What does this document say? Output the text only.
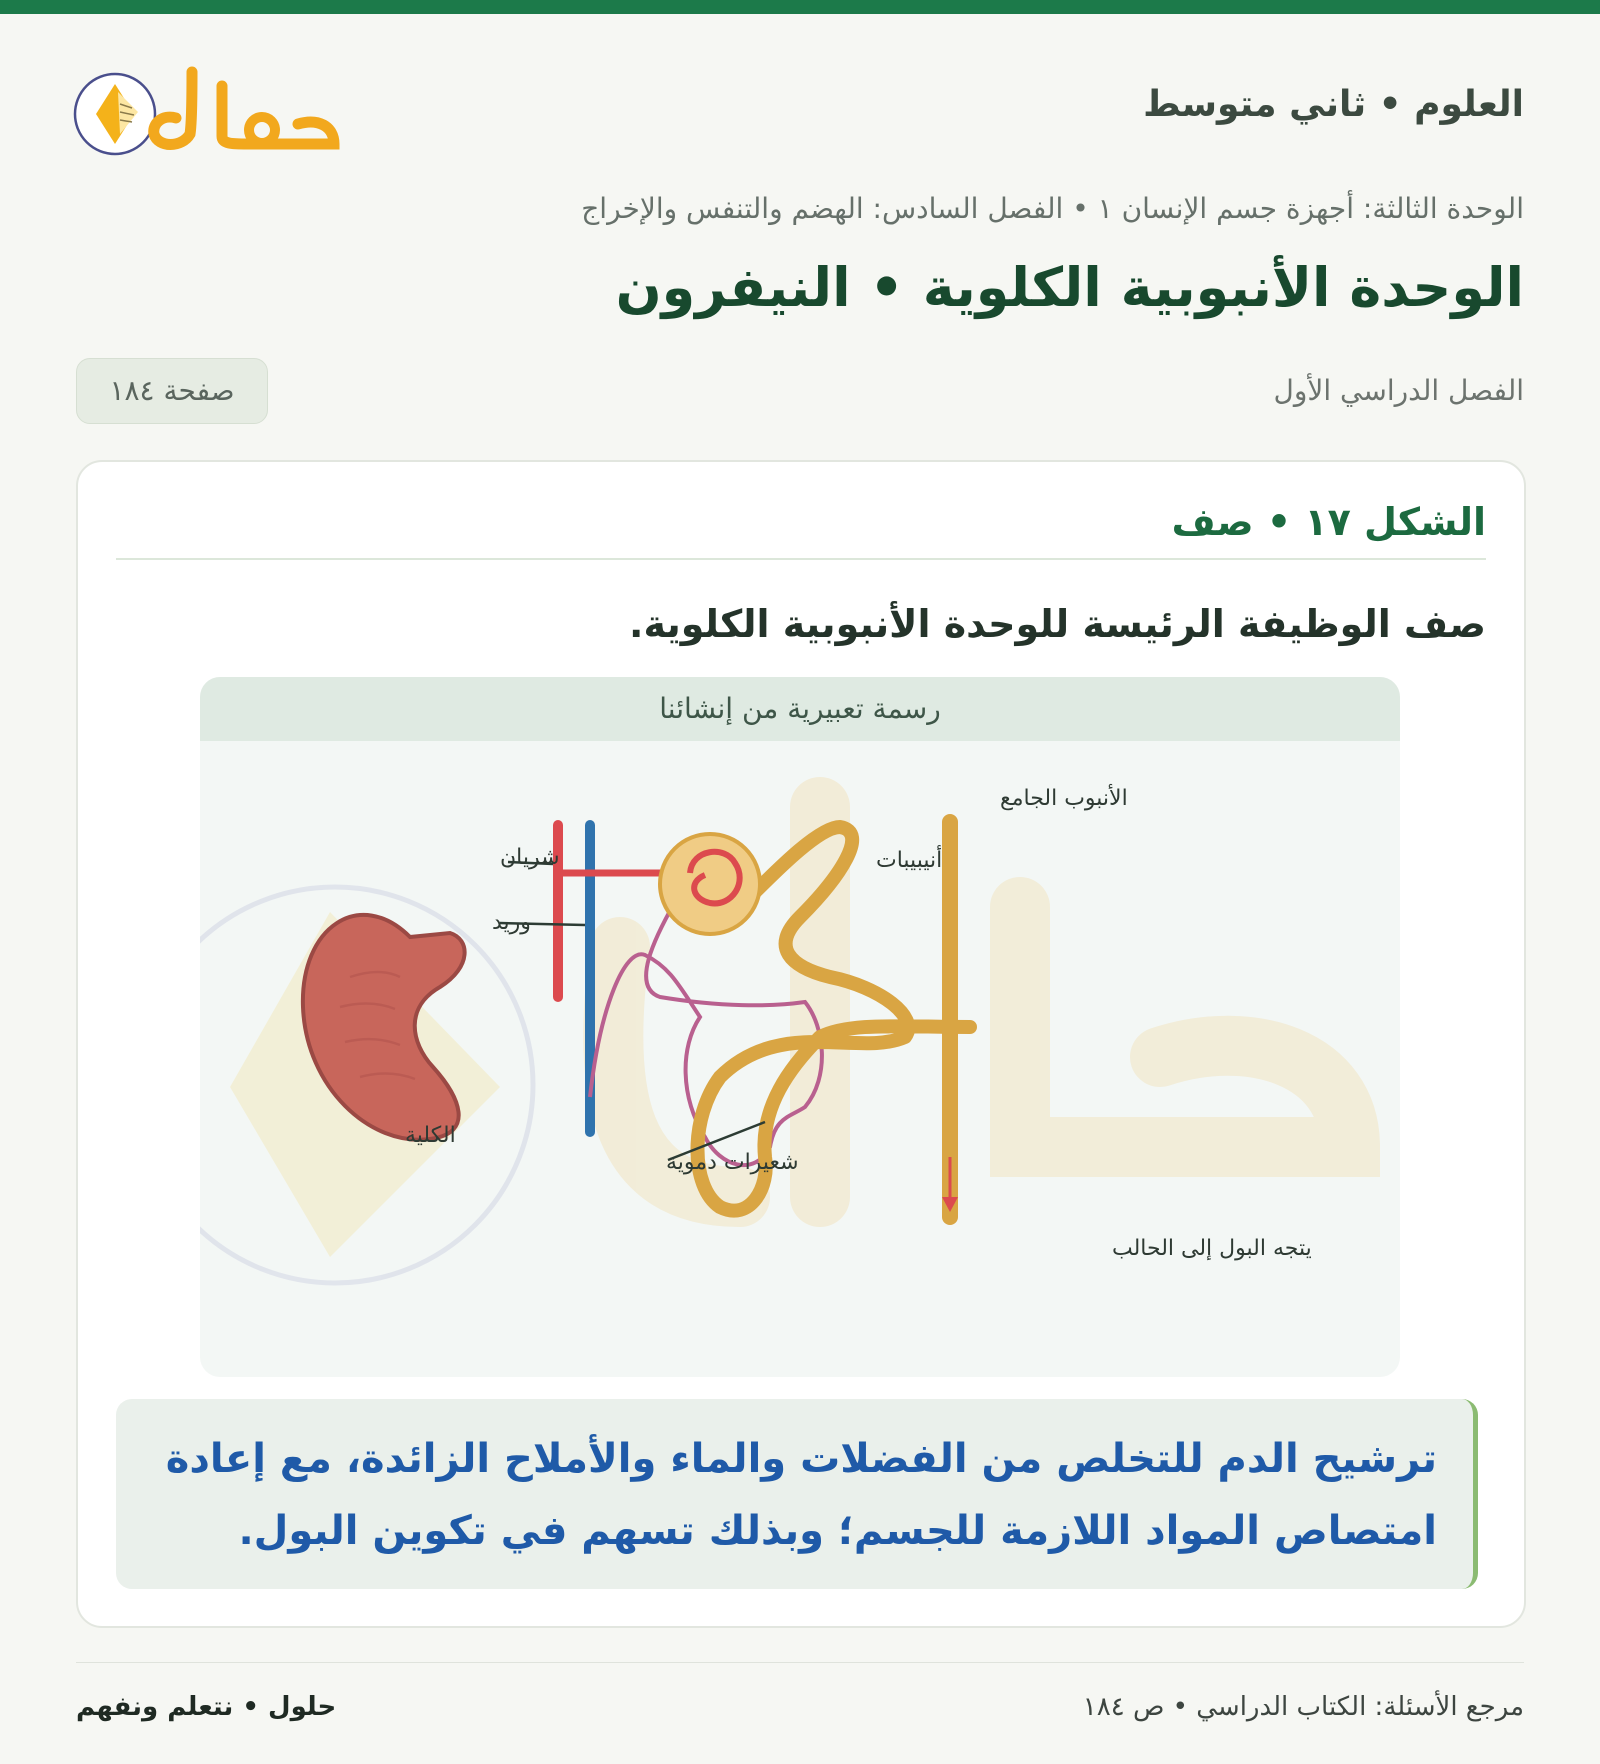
العلوم • ثاني متوسط
الوحدة الثالثة: أجهزة جسم الإنسان ١ • الفصل السادس: الهضم والتنفس والإخراج
الوحدة الأنبوبية الكلوية • النيفرون
الفصل الدراسي الأول
صفحة ١٨٤
الشكل ١٧ • صف
صف الوظيفة الرئيسة للوحدة الأنبوبية الكلوية.
الأنبوب الجامع
شريان	أنيبيبات
وريد
الكلية
شعيرات دموية
يتجه البول إلى الحالب
رسمة تعبيرية من إنشائنا
ترشيح الدم للتخلص من الفضلات والماء والأملاح الزائدة، مع إعادة
امتصاص المواد اللازمة للجسم؛ وبذلك تسهم في تكوين البول.
مرجع الأسئلة: الكتاب الدراسي • ص ١٨٤
حلول • نتعلم ونفهم
